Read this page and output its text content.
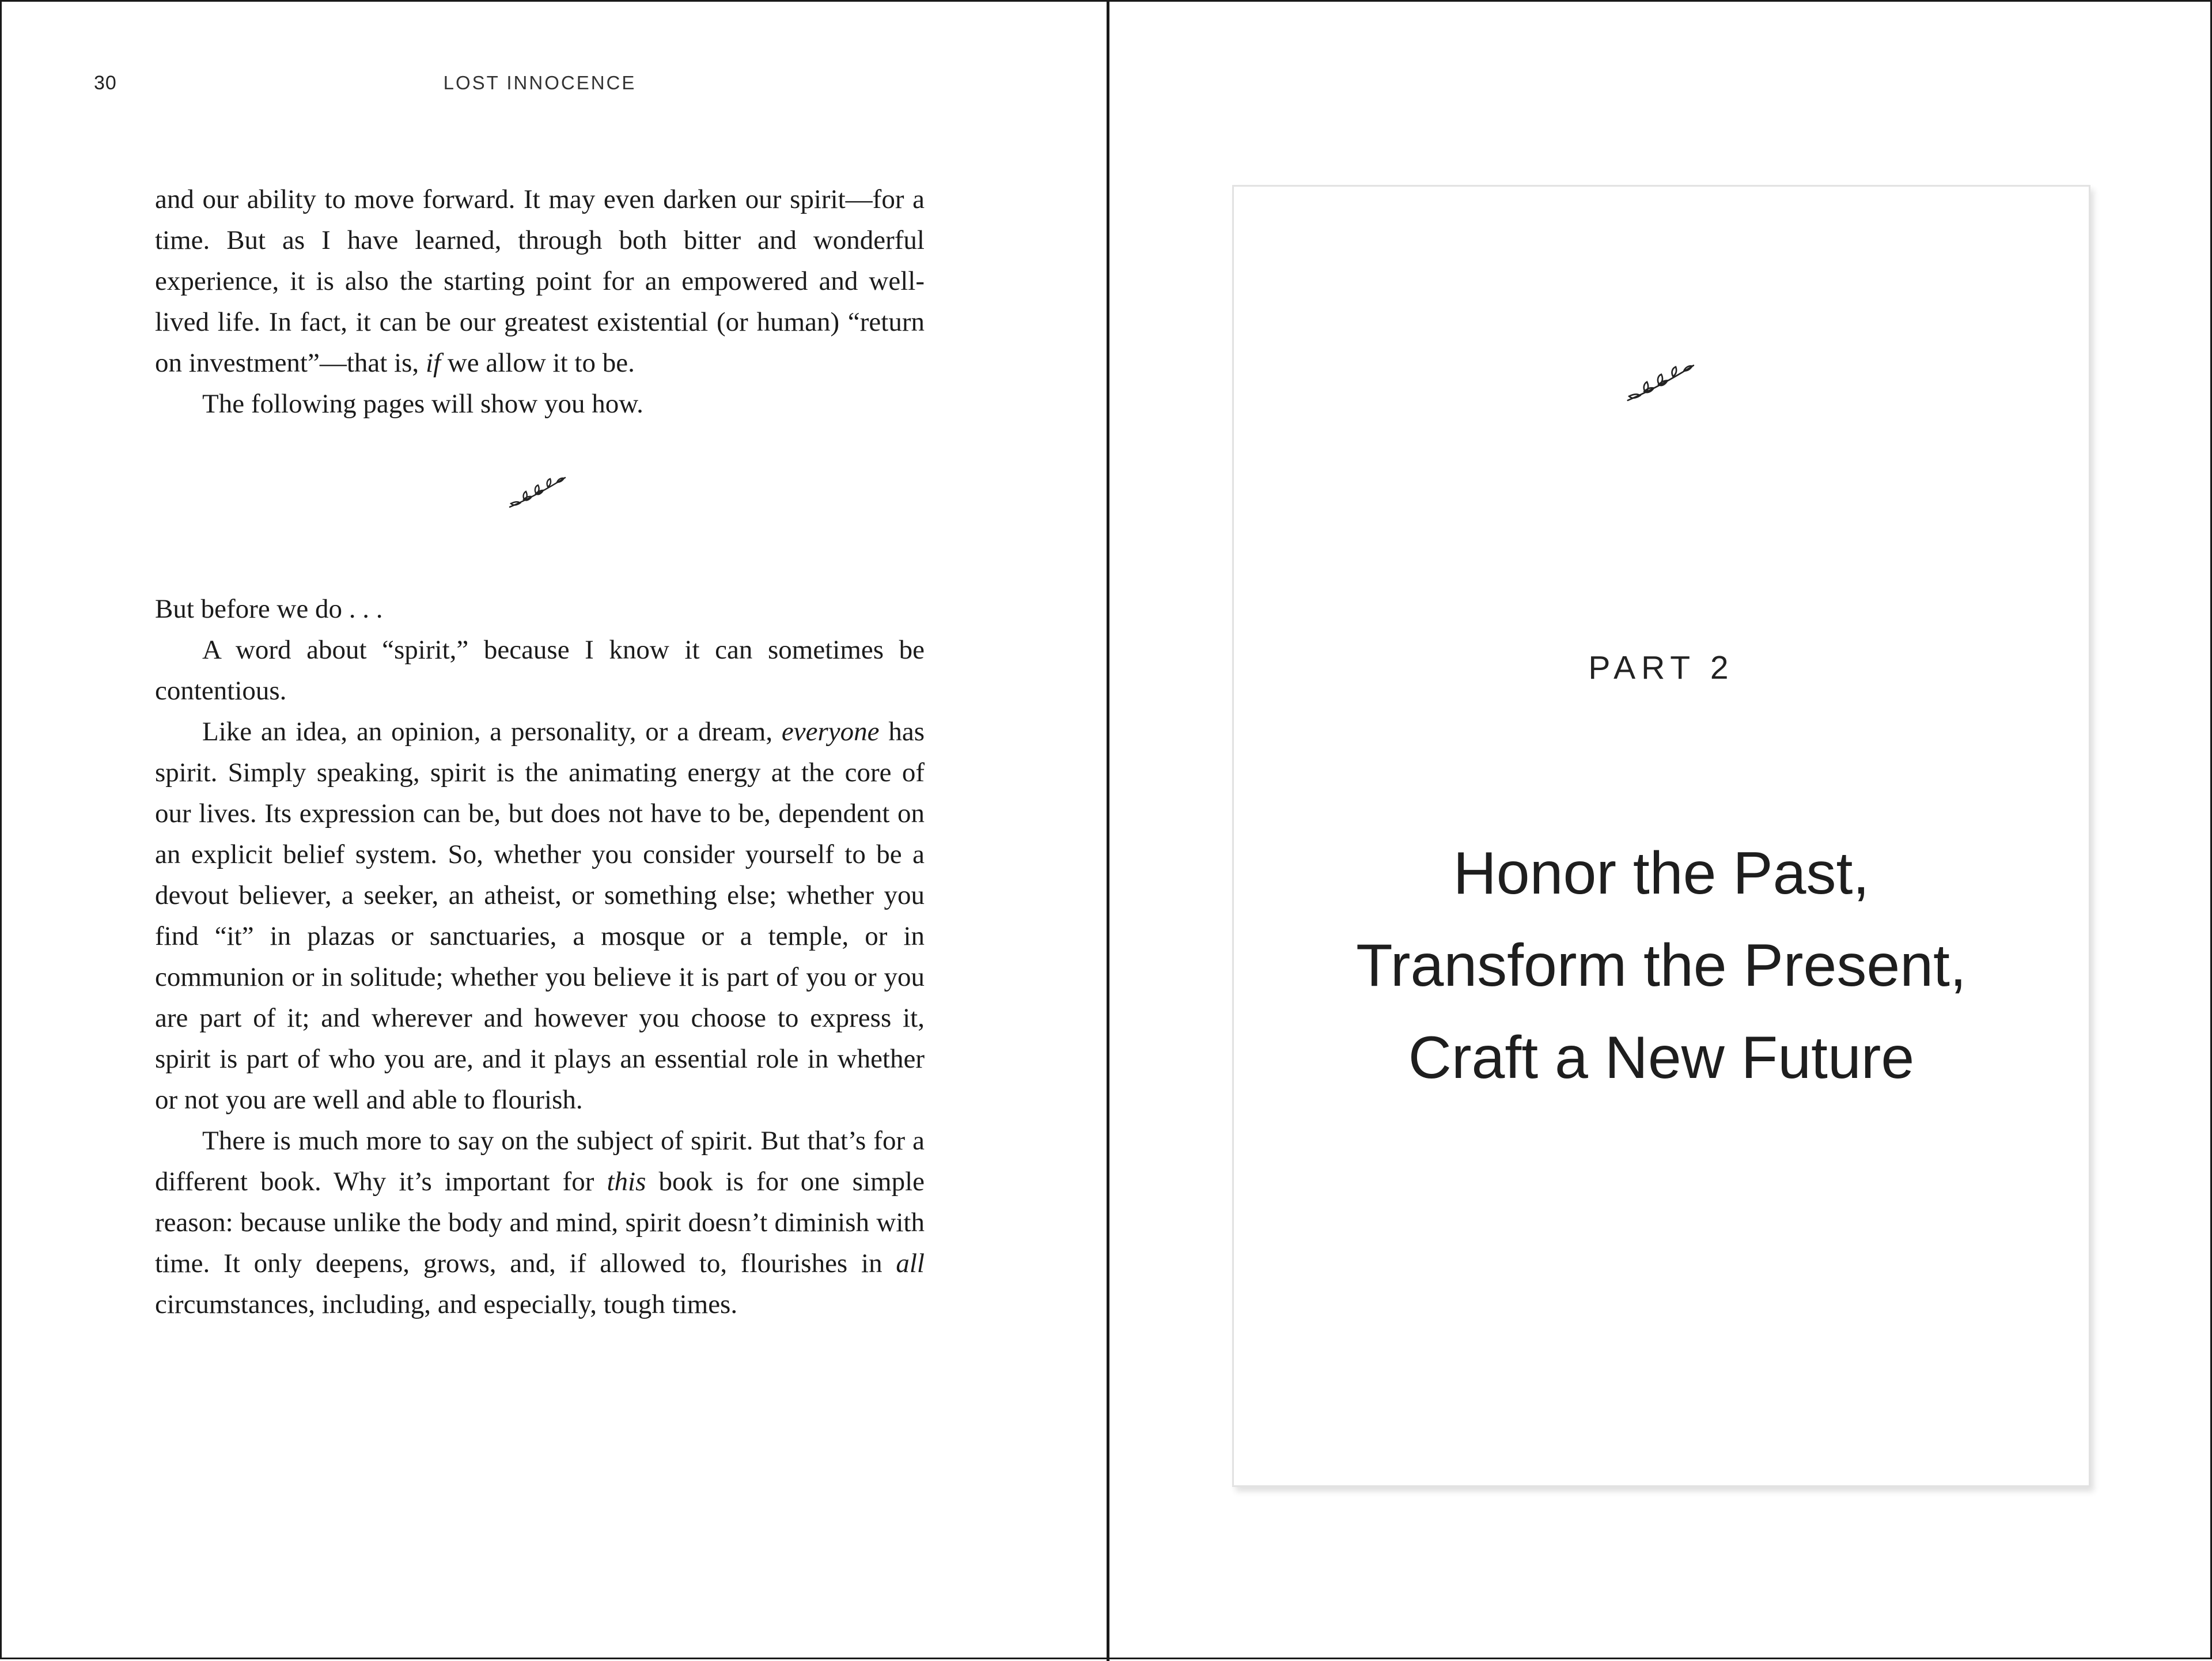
30	LOST INNOCENCE

and our ability to move forward. It may even darken our spirit—for a time. But as I have learned, through both bitter and wonderful experience, it is also the starting point for an empowered and well-lived life. In fact, it can be our greatest existential (or human) “return on investment”—that is, if we allow it to be.

The following pages will show you how.

But before we do . . .

A word about “spirit,” because I know it can sometimes be contentious.

Like an idea, an opinion, a personality, or a dream, everyone has spirit. Simply speaking, spirit is the animating energy at the core of our lives. Its expression can be, but does not have to be, dependent on an explicit belief system. So, whether you consider yourself to be a devout believer, a seeker, an atheist, or something else; whether you find “it” in plazas or sanctuaries, a mosque or a temple, or in communion or in solitude; whether you believe it is part of you or you are part of it; and wherever and however you choose to express it, spirit is part of who you are, and it plays an essential role in whether or not you are well and able to flourish.

There is much more to say on the subject of spirit. But that’s for a different book. Why it’s important for this book is for one simple reason: because unlike the body and mind, spirit doesn’t diminish with time. It only deepens, grows, and, if allowed to, flourishes in all circumstances, including, and especially, tough times.

PART 2
Honor the Past,
Transform the Present,
Craft a New Future
